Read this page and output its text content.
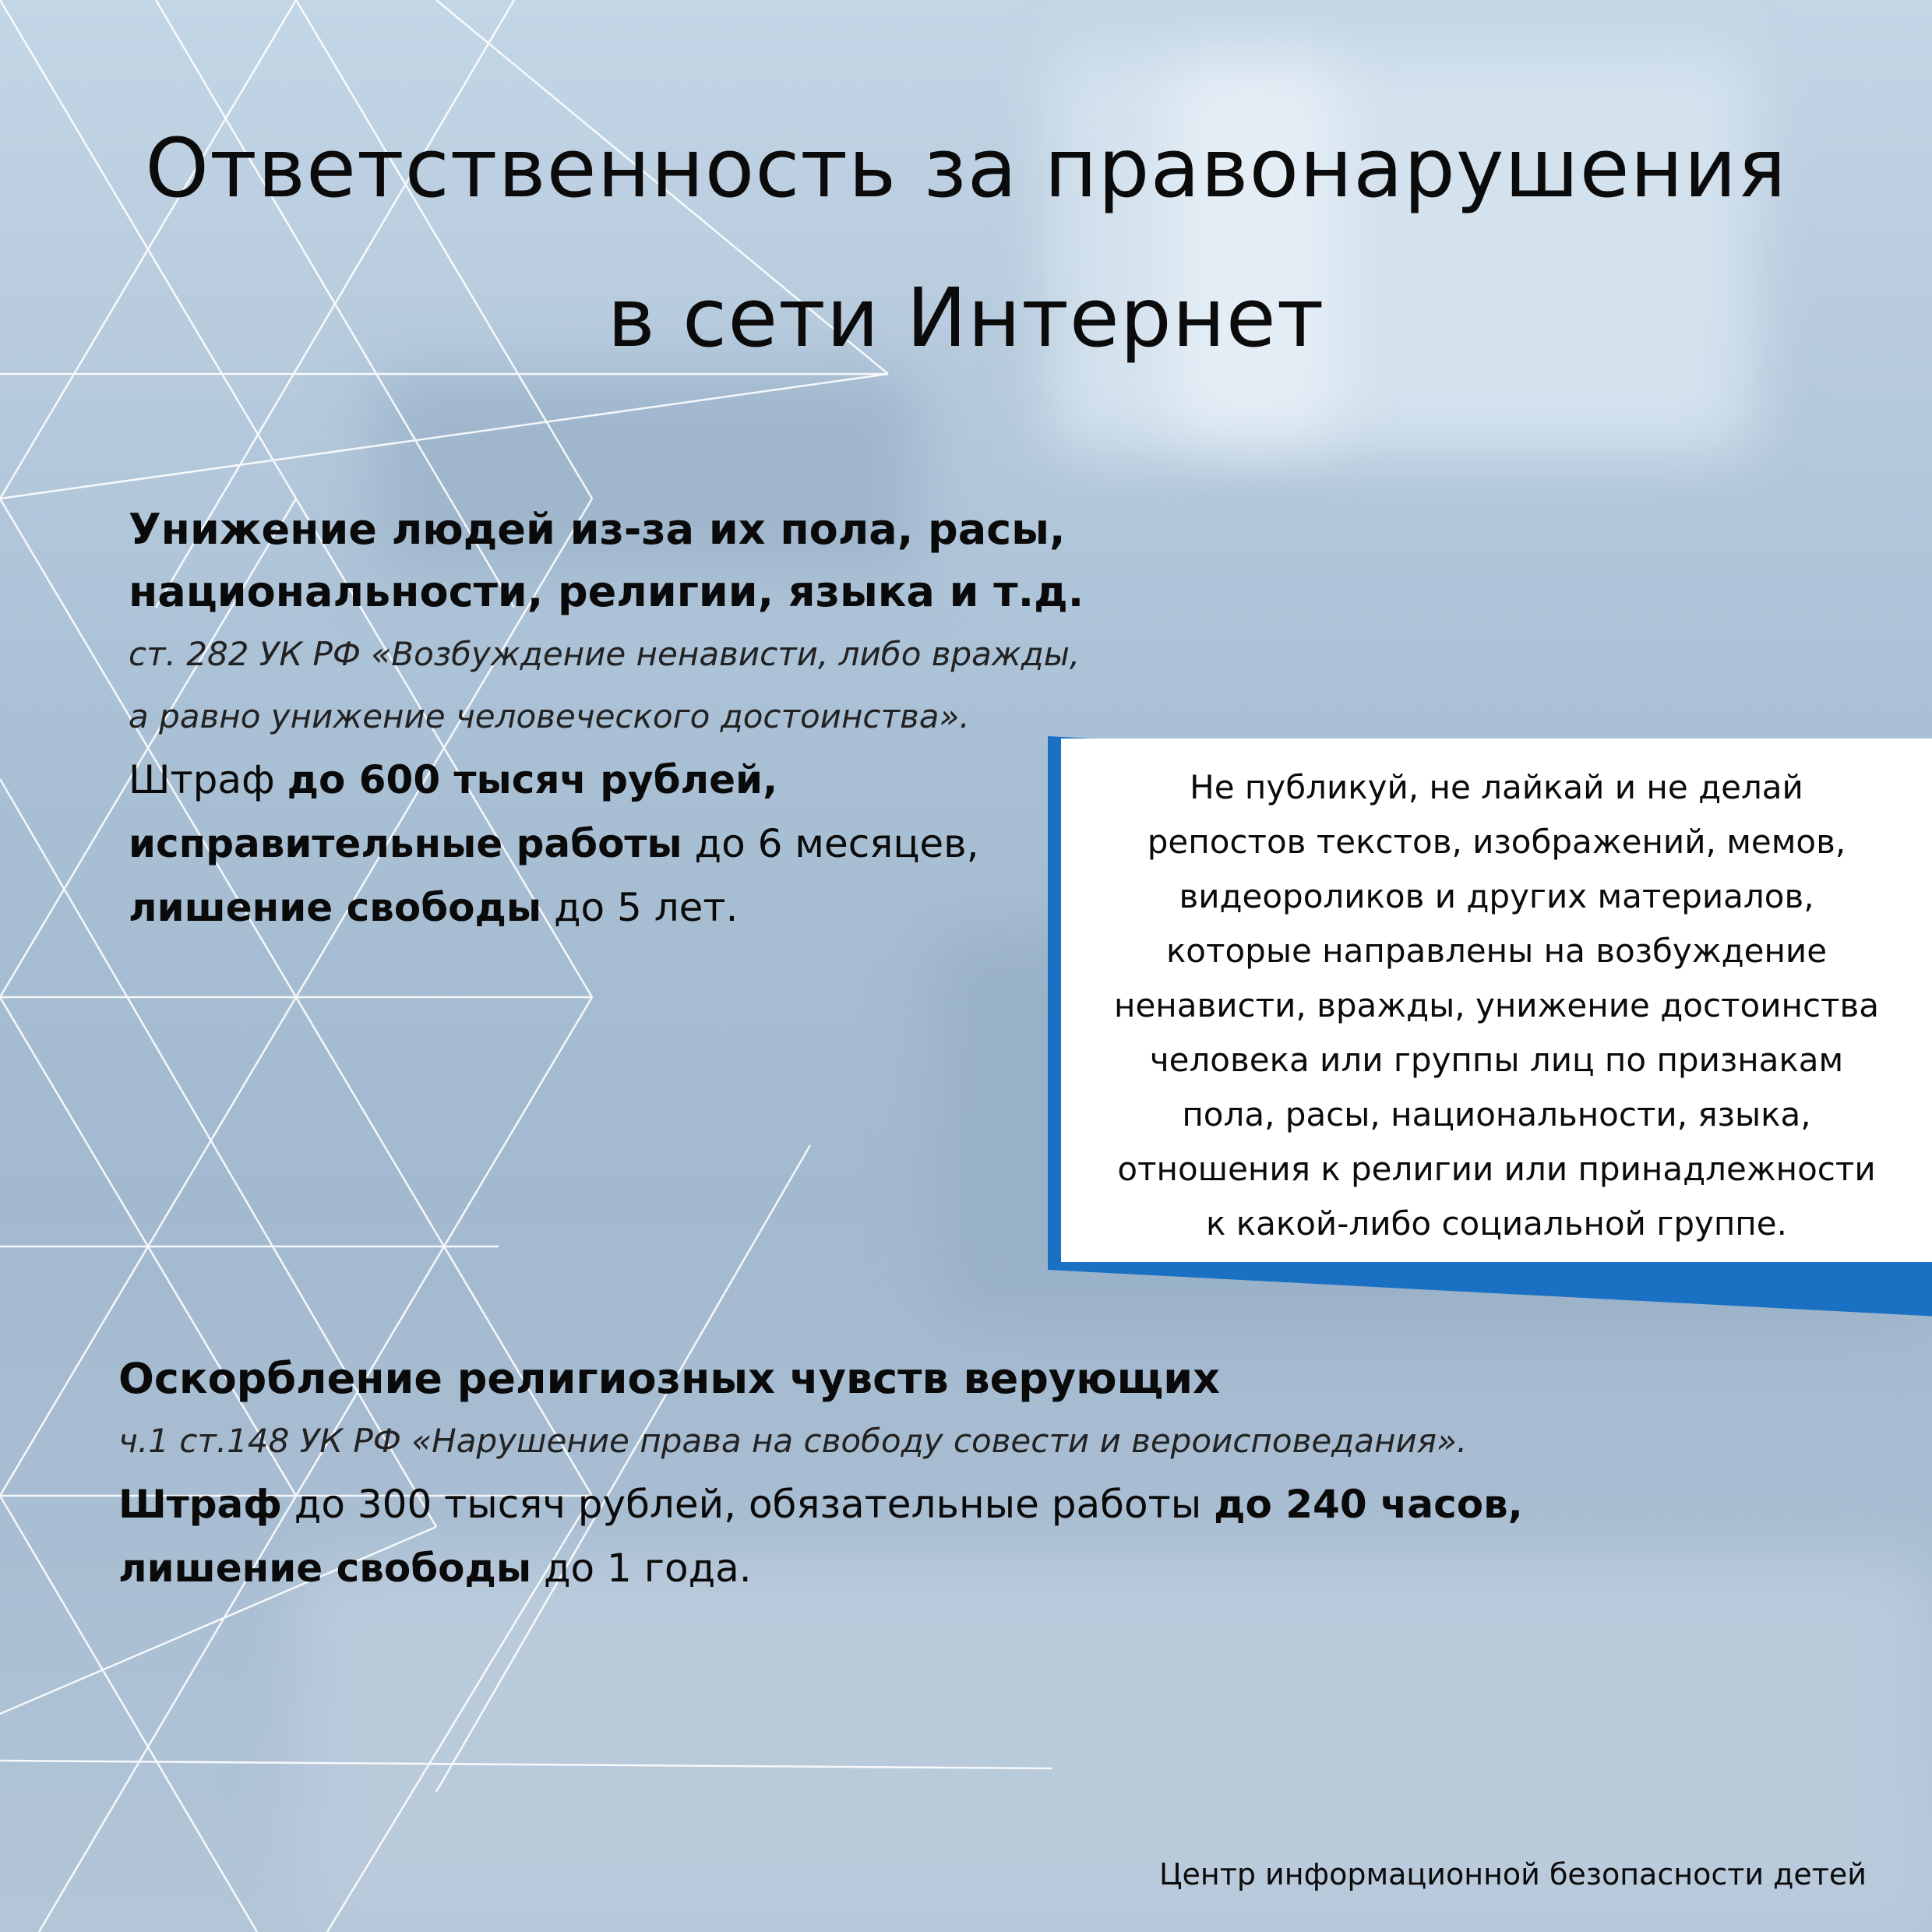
Ответственность за правонарушения
в сети Интернет
Унижение людей из-за их пола, расы,
национальности, религии, языка и т.д.
ст. 282 УК РФ «Возбуждение ненависти, либо вражды,
а равно унижение человеческого достоинства».
Штраф до 600 тысяч рублей,
исправительные работы до 6 месяцев,
лишение свободы до 5 лет.
Не публикуй, не лайкай и не делай
репостов текстов, изображений, мемов,
видеороликов и других материалов,
которые направлены на возбуждение
ненависти, вражды, унижение достоинства
человека или группы лиц по признакам
пола, расы, национальности, языка,
отношения к религии или принадлежности
к какой-либо социальной группе.
Оскорбление религиозных чувств верующих
ч.1 ст.148 УК РФ «Нарушение права на свободу совести и вероисповедания».
Штраф до 300 тысяч рублей, обязательные работы до 240 часов,
лишение свободы до 1 года.
Центр информационной безопасности детей
